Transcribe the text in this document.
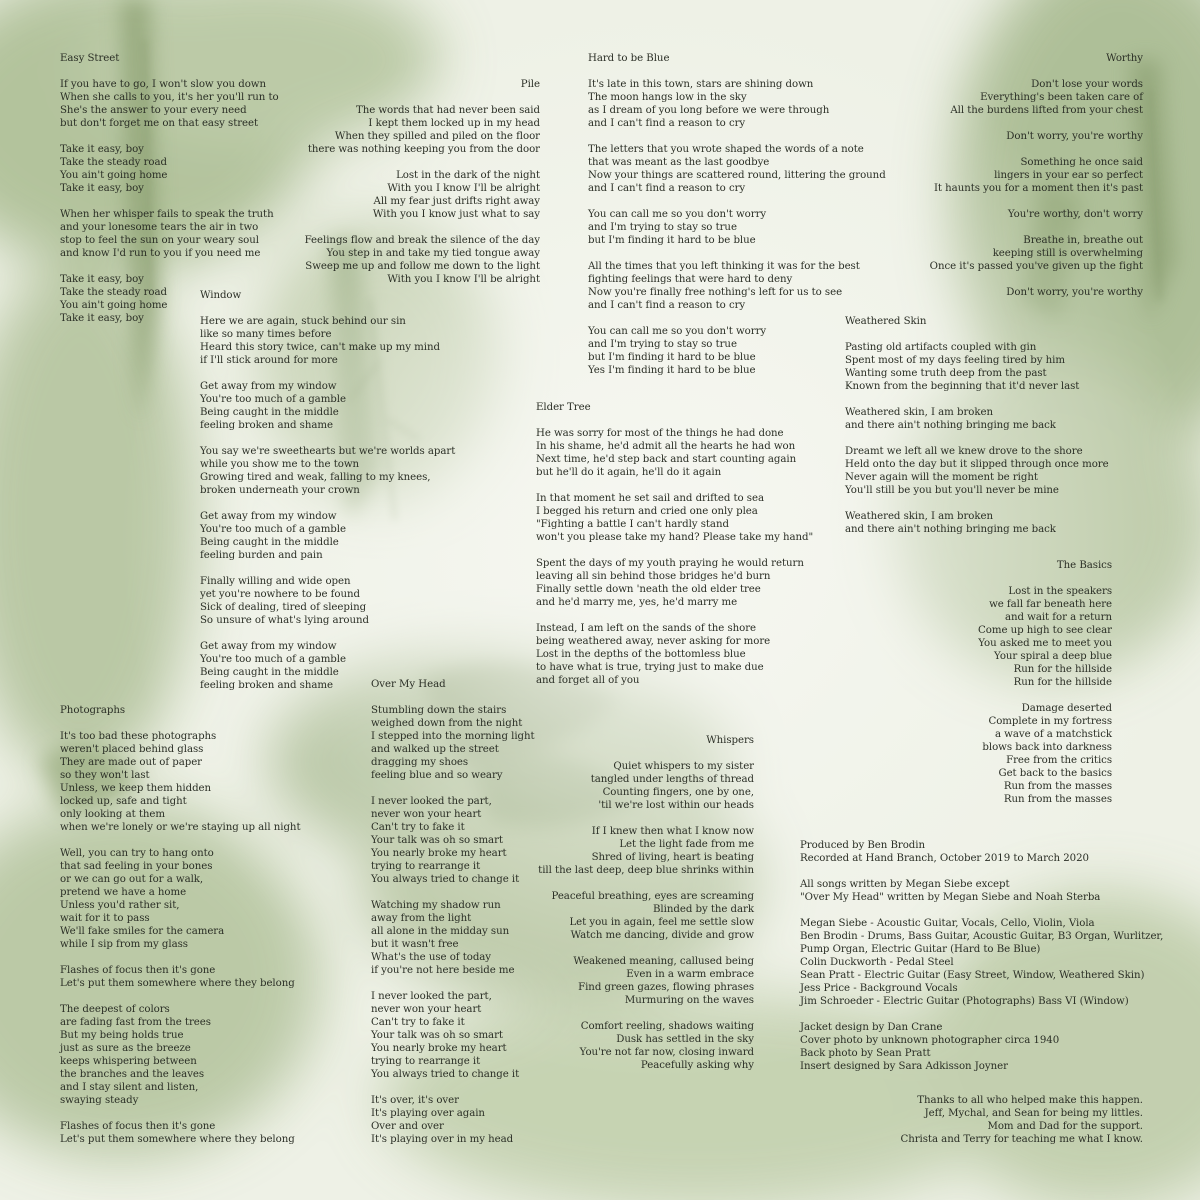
Easy Street
If you have to go, I won't slow you down
When she calls to you, it's her you'll run to
She's the answer to your every need
but don't forget me on that easy street
Take it easy, boy
Take the steady road
You ain't going home
Take it easy, boy
When her whisper fails to speak the truth
and your lonesome tears the air in two
stop to feel the sun on your weary soul
and know I'd run to you if you need me
Take it easy, boy
Take the steady road
You ain't going home
Take it easy, boy
Pile
The words that had never been said
I kept them locked up in my head
When they spilled and piled on the floor
there was nothing keeping you from the door
Lost in the dark of the night
With you I know I'll be alright
All my fear just drifts right away
With you I know just what to say
Feelings flow and break the silence of the day
You step in and take my tied tongue away
Sweep me up and follow me down to the light
With you I know I'll be alright
Window
Here we are again, stuck behind our sin
like so many times before
Heard this story twice, can't make up my mind
if I'll stick around for more
Get away from my window
You're too much of a gamble
Being caught in the middle
feeling broken and shame
You say we're sweethearts but we're worlds apart
while you show me to the town
Growing tired and weak, falling to my knees,
broken underneath your crown
Get away from my window
You're too much of a gamble
Being caught in the middle
feeling burden and pain
Finally willing and wide open
yet you're nowhere to be found
Sick of dealing, tired of sleeping
So unsure of what's lying around
Get away from my window
You're too much of a gamble
Being caught in the middle
feeling broken and shame
Photographs
It's too bad these photographs
weren't placed behind glass
They are made out of paper
so they won't last
Unless, we keep them hidden
locked up, safe and tight
only looking at them
when we're lonely or we're staying up all night
Well, you can try to hang onto
that sad feeling in your bones
or we can go out for a walk,
pretend we have a home
Unless you'd rather sit,
wait for it to pass
We'll fake smiles for the camera
while I sip from my glass
Flashes of focus then it's gone
Let's put them somewhere where they belong
The deepest of colors
are fading fast from the trees
But my being holds true
just as sure as the breeze
keeps whispering between
the branches and the leaves
and I stay silent and listen,
swaying steady
Flashes of focus then it's gone
Let's put them somewhere where they belong
Over My Head
Stumbling down the stairs
weighed down from the night
I stepped into the morning light
and walked up the street
dragging my shoes
feeling blue and so weary
I never looked the part,
never won your heart
Can't try to fake it
Your talk was oh so smart
You nearly broke my heart
trying to rearrange it
You always tried to change it
Watching my shadow run
away from the light
all alone in the midday sun
but it wasn't free
What's the use of today
if you're not here beside me
I never looked the part,
never won your heart
Can't try to fake it
Your talk was oh so smart
You nearly broke my heart
trying to rearrange it
You always tried to change it
It's over, it's over
It's playing over again
Over and over
It's playing over in my head
Hard to be Blue
It's late in this town, stars are shining down
The moon hangs low in the sky
as I dream of you long before we were through
and I can't find a reason to cry
The letters that you wrote shaped the words of a note
that was meant as the last goodbye
Now your things are scattered round, littering the ground
and I can't find a reason to cry
You can call me so you don't worry
and I'm trying to stay so true
but I'm finding it hard to be blue
All the times that you left thinking it was for the best
fighting feelings that were hard to deny
Now you're finally free nothing's left for us to see
and I can't find a reason to cry
You can call me so you don't worry
and I'm trying to stay so true
but I'm finding it hard to be blue
Yes I'm finding it hard to be blue
Elder Tree
He was sorry for most of the things he had done
In his shame, he'd admit all the hearts he had won
Next time, he'd step back and start counting again
but he'll do it again, he'll do it again
In that moment he set sail and drifted to sea
I begged his return and cried one only plea
"Fighting a battle I can't hardly stand
won't you please take my hand? Please take my hand"
Spent the days of my youth praying he would return
leaving all sin behind those bridges he'd burn
Finally settle down 'neath the old elder tree
and he'd marry me, yes, he'd marry me
Instead, I am left on the sands of the shore
being weathered away, never asking for more
Lost in the depths of the bottomless blue
to have what is true, trying just to make due
and forget all of you
Whispers
Quiet whispers to my sister
tangled under lengths of thread
Counting fingers, one by one,
'til we're lost within our heads
If I knew then what I know now
Let the light fade from me
Shred of living, heart is beating
till the last deep, deep blue shrinks within
Peaceful breathing, eyes are screaming
Blinded by the dark
Let you in again, feel me settle slow
Watch me dancing, divide and grow
Weakened meaning, callused being
Even in a warm embrace
Find green gazes, flowing phrases
Murmuring on the waves
Comfort reeling, shadows waiting
Dusk has settled in the sky
You're not far now, closing inward
Peacefully asking why
Worthy
Don't lose your words
Everything's been taken care of
All the burdens lifted from your chest
Don't worry, you're worthy
Something he once said
lingers in your ear so perfect
It haunts you for a moment then it's past
You're worthy, don't worry
Breathe in, breathe out
keeping still is overwhelming
Once it's passed you've given up the fight
Don't worry, you're worthy
Weathered Skin
Pasting old artifacts coupled with gin
Spent most of my days feeling tired by him
Wanting some truth deep from the past
Known from the beginning that it'd never last
Weathered skin, I am broken
and there ain't nothing bringing me back
Dreamt we left all we knew drove to the shore
Held onto the day but it slipped through once more
Never again will the moment be right
You'll still be you but you'll never be mine
Weathered skin, I am broken
and there ain't nothing bringing me back
The Basics
Lost in the speakers
we fall far beneath here
and wait for a return
Come up high to see clear
You asked me to meet you
Your spiral a deep blue
Run for the hillside
Run for the hillside
Damage deserted
Complete in my fortress
a wave of a matchstick
blows back into darkness
Free from the critics
Get back to the basics
Run from the masses
Run from the masses
Produced by Ben Brodin
Recorded at Hand Branch, October 2019 to March 2020
All songs written by Megan Siebe except
"Over My Head" written by Megan Siebe and Noah Sterba
Megan Siebe - Acoustic Guitar, Vocals, Cello, Violin, Viola
Ben Brodin - Drums, Bass Guitar, Acoustic Guitar, B3 Organ, Wurlitzer,
Pump Organ, Electric Guitar (Hard to Be Blue)
Colin Duckworth - Pedal Steel
Sean Pratt - Electric Guitar (Easy Street, Window, Weathered Skin)
Jess Price - Background Vocals
Jim Schroeder - Electric Guitar (Photographs) Bass VI (Window)
Jacket design by Dan Crane
Cover photo by unknown photographer circa 1940
Back photo by Sean Pratt
Insert designed by Sara Adkisson Joyner
Thanks to all who helped make this happen.
Jeff, Mychal, and Sean for being my littles.
Mom and Dad for the support.
Christa and Terry for teaching me what I know.
